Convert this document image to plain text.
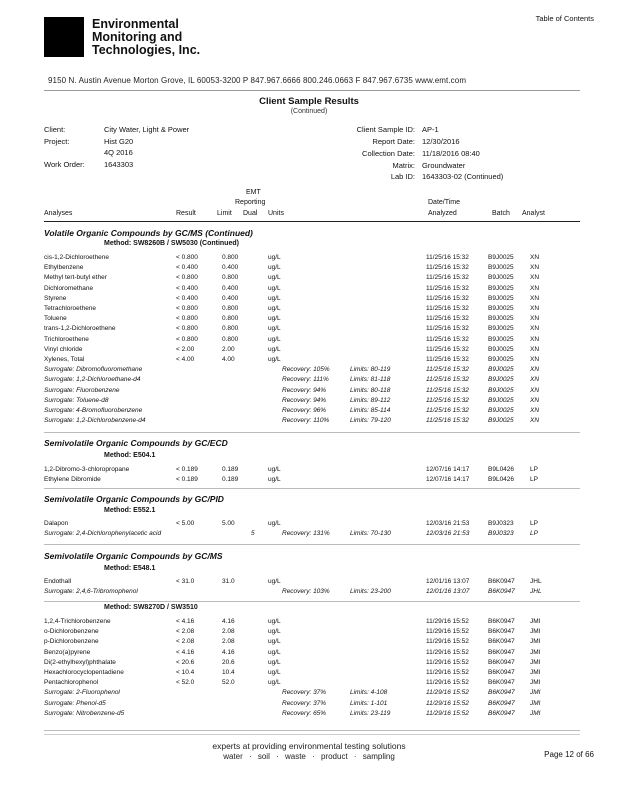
Environmental
Monitoring and
Technologies, Inc.
Table of Contents
9150 N. Austin Avenue Morton Grove, IL 60053-3200 P 847.967.6666 800.246.0663 F 847.967.6735 www.emt.com
Client Sample Results
(Continued)
Client:	City Water, Light & Power
Project:	Hist G20
4Q 2016
Work Order:	1643303
Client Sample ID: AP-1
Report Date: 12/30/2016
Collection Date: 11/18/2016 08:40
Matrix: Groundwater
Lab ID: 1643303-02 (Continued)
EMT
Reporting
Analyses	Result	Limit Dual Units
Date/Time
Analyzed	Batch Analyst
Volatile Organic Compounds by GC/MS (Continued)
Method: SW8260B / SW5030 (Continued)
cis-1,2-Dichloroethene	< 0.800	0.800	ug/L	11/25/16 15:32	B9J0025	XN
Ethylbenzene	< 0.400	0.400	ug/L	11/25/16 15:32	B9J0025	XN
Methyl tert-butyl ether	< 0.800	0.800	ug/L	11/25/16 15:32	B9J0025	XN
Dichloromethane	< 0.400	0.400	ug/L	11/25/16 15:32	B9J0025	XN
Styrene	< 0.400	0.400	ug/L	11/25/16 15:32	B9J0025	XN
Tetrachloroethene	< 0.800	0.800	ug/L	11/25/16 15:32	B9J0025	XN
Toluene	< 0.800	0.800	ug/L	11/25/16 15:32	B9J0025	XN
trans-1,2-Dichloroethene	< 0.800	0.800	ug/L	11/25/16 15:32	B9J0025	XN
Trichloroethene	< 0.800	0.800	ug/L	11/25/16 15:32	B9J0025	XN
Vinyl chloride	< 2.00	2.00	ug/L	11/25/16 15:32	B9J0025	XN
Xylenes, Total	< 4.00	4.00	ug/L	11/25/16 15:32	B9J0025	XN
Surrogate: Dibromofluoromethane	Recovery: 105%	Limits: 80-119	11/25/16 15:32	B9J0025	XN
Surrogate: 1,2-Dichloroethane-d4	Recovery: 111%	Limits: 81-118	11/25/16 15:32	B9J0025	XN
Surrogate: Fluorobenzene	Recovery: 94%	Limits: 80-118	11/25/16 15:32	B9J0025	XN
Surrogate: Toluene-d8	Recovery: 94%	Limits: 89-112	11/25/16 15:32	B9J0025	XN
Surrogate: 4-Bromofluorobenzene	Recovery: 96%	Limits: 85-114	11/25/16 15:32	B9J0025	XN
Surrogate: 1,2-Dichlorobenzene-d4	Recovery: 110%	Limits: 79-120	11/25/16 15:32	B9J0025	XN
Semivolatile Organic Compounds by GC/ECD
Method: E504.1
1,2-Dibromo-3-chloropropane	< 0.189	0.189	ug/L	12/07/16 14:17	B9L0426 LP
Ethylene Dibromide	< 0.189	0.189	ug/L	12/07/16 14:17	B9L0426 LP
Semivolatile Organic Compounds by GC/PID
Method: E552.1
Dalapon	< 5.00	5.00	ug/L	12/03/16 21:53	B9J0323	LP
Surrogate: 2,4-Dichlorophenylacetic acid	5	Recovery: 131%	Limits: 70-130	12/03/16 21:53	B9J0323	LP
Semivolatile Organic Compounds by GC/MS
Method: E548.1
Endothall	< 31.0	31.0	ug/L	12/01/16 13:07	B6K0947 JHL
Surrogate: 2,4,6-Tribromophenol	Recovery: 103%	Limits: 23-200	12/01/16 13:07	B6K0947 JHL
Method: SW8270D / SW3510
1,2,4-Trichlorobenzene	< 4.16	4.16	ug/L	11/29/16 15:52	B6K0947 JMI
o-Dichlorobenzene	< 2.08	2.08	ug/L	11/29/16 15:52	B6K0947 JMI
p-Dichlorobenzene	< 2.08	2.08	ug/L	11/29/16 15:52	B6K0947 JMI
Benzo(a)pyrene	< 4.16	4.16	ug/L	11/29/16 15:52	B6K0947 JMI
Di(2-ethylhexyl)phthalate	< 20.6	20.6	ug/L	11/29/16 15:52	B6K0947 JMI
Hexachlorocyclopentadiene	< 10.4	10.4	ug/L	11/29/16 15:52	B6K0947 JMI
Pentachlorophenol	< 52.0	52.0	ug/L	11/29/16 15:52	B6K0947 JMI
Surrogate: 2-Fluorophenol	Recovery: 37%	Limits: 4-108	11/29/16 15:52	B6K0947 JMI
Surrogate: Phenol-d5	Recovery: 37%	Limits: 1-101	11/29/16 15:52	B6K0947 JMI
Surrogate: Nitrobenzene-d5	Recovery: 65%	Limits: 23-119	11/29/16 15:52	B6K0947 JMI
experts at providing environmental testing solutions
water · soil · waste · product · sampling	Page 12 of 66
